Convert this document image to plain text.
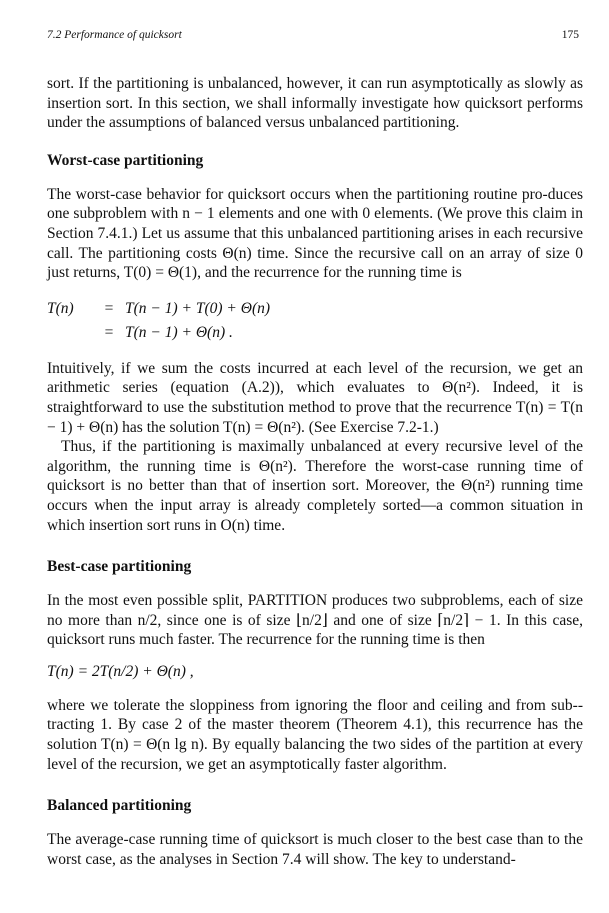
7.2 Performance of quicksort	175

sort. If the partitioning is unbalanced, however, it can run asymptotically as slowly as insertion sort. In this section, we shall informally investigate how quicksort performs under the assumptions of balanced versus unbalanced partitioning.

Worst-case partitioning

The worst-case behavior for quicksort occurs when the partitioning routine pro-duces one subproblem with n − 1 elements and one with 0 elements. (We prove this claim in Section 7.4.1.) Let us assume that this unbalanced partitioning arises in each recursive call. The partitioning costs Θ(n) time. Since the recursive call on an array of size 0 just returns, T(0) = Θ(1), and the recurrence for the running time is

T(n)	=	T(n − 1) + T(0) + Θ(n)
	=	T(n − 1) + Θ(n) .

Intuitively, if we sum the costs incurred at each level of the recursion, we get an arithmetic series (equation (A.2)), which evaluates to Θ(n²). Indeed, it is straightforward to use the substitution method to prove that the recurrence T(n) = T(n − 1) + Θ(n) has the solution T(n) = Θ(n²). (See Exercise 7.2-1.)

Thus, if the partitioning is maximally unbalanced at every recursive level of the algorithm, the running time is Θ(n²). Therefore the worst-case running time of quicksort is no better than that of insertion sort. Moreover, the Θ(n²) running time occurs when the input array is already completely sorted—a common situation in which insertion sort runs in O(n) time.

Best-case partitioning

In the most even possible split, PARTITION produces two subproblems, each of size no more than n/2, since one is of size ⌊n/2⌋ and one of size ⌈n/2⌉ − 1. In this case, quicksort runs much faster. The recurrence for the running time is then

T(n) = 2T(n/2) + Θ(n) ,

where we tolerate the sloppiness from ignoring the floor and ceiling and from sub-tracting 1. By case 2 of the master theorem (Theorem 4.1), this recurrence has the solution T(n) = Θ(n lg n). By equally balancing the two sides of the partition at every level of the recursion, we get an asymptotically faster algorithm.

Balanced partitioning

The average-case running time of quicksort is much closer to the best case than to the worst case, as the analyses in Section 7.4 will show. The key to understand-
